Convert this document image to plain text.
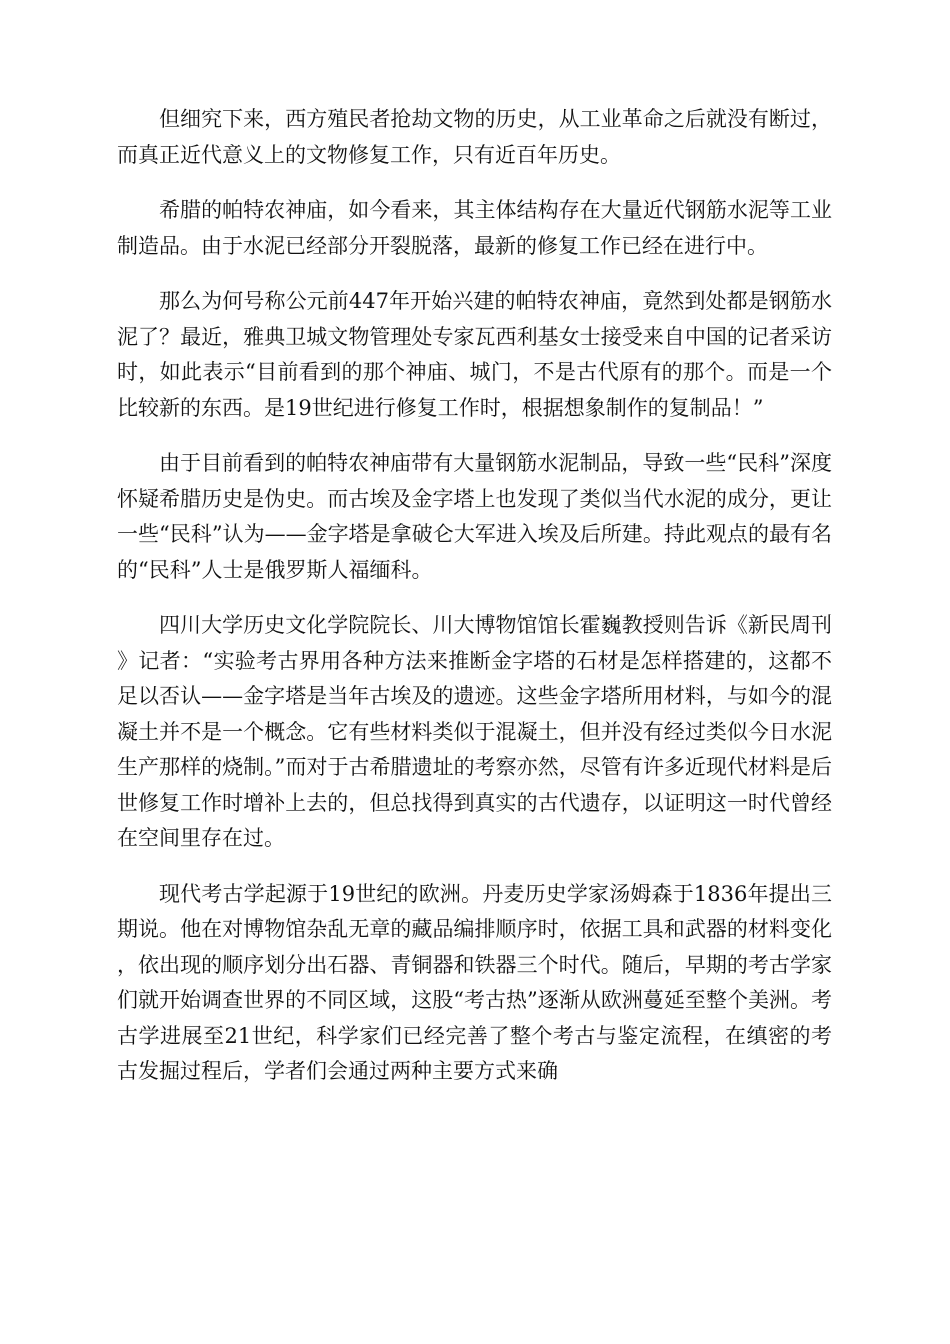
但细究下来，西方殖民者抢劫文物的历史，从工业革命之后就没有断过，而真正近代意义上的文物修复工作，只有近百年历史。

希腊的帕特农神庙，如今看来，其主体结构存在大量近代钢筋水泥等工业制造品。由于水泥已经部分开裂脱落，最新的修复工作已经在进行中。

那么为何号称公元前447年开始兴建的帕特农神庙，竟然到处都是钢筋水泥了？最近，雅典卫城文物管理处专家瓦西利基女士接受来自中国的记者采访时，如此表示“目前看到的那个神庙、城门，不是古代原有的那个。而是一个比较新的东西。是19世纪进行修复工作时，根据想象制作的复制品！”

由于目前看到的帕特农神庙带有大量钢筋水泥制品，导致一些“民科”深度怀疑希腊历史是伪史。而古埃及金字塔上也发现了类似当代水泥的成分，更让一些“民科”认为——金字塔是拿破仑大军进入埃及后所建。持此观点的最有名的“民科”人士是俄罗斯人福缅科。

四川大学历史文化学院院长、川大博物馆馆长霍巍教授则告诉《新民周刊》记者：“实验考古界用各种方法来推断金字塔的石材是怎样搭建的，这都不足以否认——金字塔是当年古埃及的遗迹。这些金字塔所用材料，与如今的混凝土并不是一个概念。它有些材料类似于混凝土，但并没有经过类似今日水泥生产那样的烧制。”而对于古希腊遗址的考察亦然，尽管有许多近现代材料是后世修复工作时增补上去的，但总找得到真实的古代遗存，以证明这一时代曾经在空间里存在过。

现代考古学起源于19世纪的欧洲。丹麦历史学家汤姆森于1836年提出三期说。他在对博物馆杂乱无章的藏品编排顺序时，依据工具和武器的材料变化，依出现的顺序划分出石器、青铜器和铁器三个时代。随后，早期的考古学家们就开始调查世界的不同区域，这股“考古热”逐渐从欧洲蔓延至整个美洲。考古学进展至21世纪，科学家们已经完善了整个考古与鉴定流程，在缜密的考古发掘过程后，学者们会通过两种主要方式来确
